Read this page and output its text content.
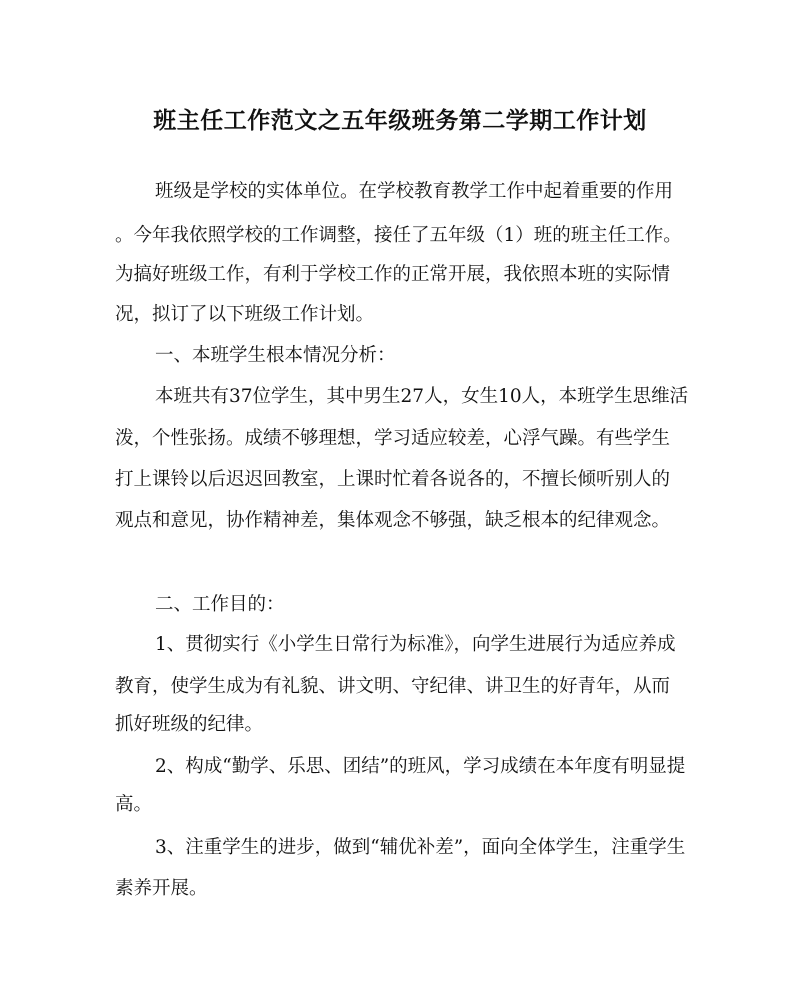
班主任工作范文之五年级班务第二学期工作计划
班级是学校的实体单位。在学校教育教学工作中起着重要的作用
。今年我依照学校的工作调整，接任了五年级（1）班的班主任工作。
为搞好班级工作，有利于学校工作的正常开展，我依照本班的实际情
况，拟订了以下班级工作计划。
一、本班学生根本情况分析：
本班共有37位学生，其中男生27人，女生10人，本班学生思维活
泼，个性张扬。成绩不够理想，学习适应较差，心浮气躁。有些学生
打上课铃以后迟迟回教室，上课时忙着各说各的，不擅长倾听别人的
观点和意见，协作精神差，集体观念不够强，缺乏根本的纪律观念。
二、工作目的：
1、贯彻实行《小学生日常行为标准》，向学生进展行为适应养成
教育，使学生成为有礼貌、讲文明、守纪律、讲卫生的好青年，从而
抓好班级的纪律。
2、构成“勤学、乐思、团结”的班风，学习成绩在本年度有明显提
高。
3、注重学生的进步，做到“辅优补差”，面向全体学生，注重学生
素养开展。
